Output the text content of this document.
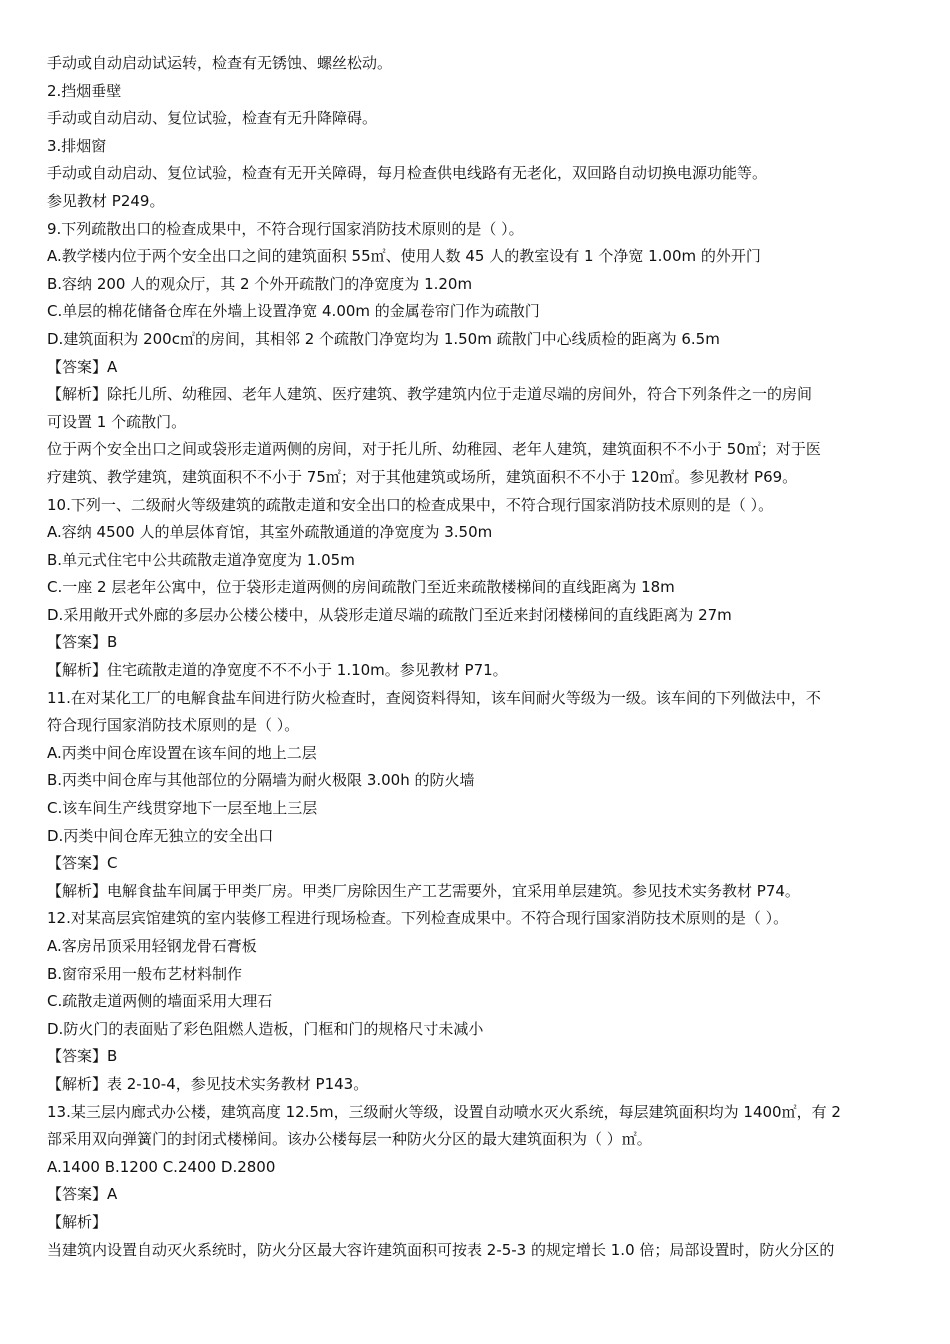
手动或自动启动试运转，检查有无锈蚀、螺丝松动。

2.挡烟垂壁

手动或自动启动、复位试验，检查有无升降障碍。

3.排烟窗

手动或自动启动、复位试验，检查有无开关障碍，每月检查供电线路有无老化，双回路自动切换电源功能等。

参见教材 P249。

9.下列疏散出口的检查成果中，不符合现行国家消防技术原则的是（ ）。

A.教学楼内位于两个安全出口之间的建筑面积 55㎡、使用人数 45 人的教室设有 1 个净宽 1.00m 的外开门

B.容纳 200 人的观众厅，其 2 个外开疏散门的净宽度为 1.20m

C.单层的棉花储备仓库在外墙上设置净宽 4.00m 的金属卷帘门作为疏散门

D.建筑面积为 200c㎡的房间，其相邻 2 个疏散门净宽均为 1.50m 疏散门中心线质检的距离为 6.5m

【答案】A

【解析】除托儿所、幼稚园、老年人建筑、医疗建筑、教学建筑内位于走道尽端的房间外，符合下列条件之一的房间

可设置 1 个疏散门。

位于两个安全出口之间或袋形走道两侧的房间，对于托儿所、幼稚园、老年人建筑，建筑面积不不小于 50㎡；对于医

疗建筑、教学建筑，建筑面积不不小于 75㎡；对于其他建筑或场所，建筑面积不不小于 120㎡。参见教材 P69。

10.下列一、二级耐火等级建筑的疏散走道和安全出口的检查成果中，不符合现行国家消防技术原则的是（ ）。

A.容纳 4500 人的单层体育馆，其室外疏散通道的净宽度为 3.50m

B.单元式住宅中公共疏散走道净宽度为 1.05m

C.一座 2 层老年公寓中，位于袋形走道两侧的房间疏散门至近来疏散楼梯间的直线距离为 18m

D.采用敞开式外廊的多层办公楼公楼中，从袋形走道尽端的疏散门至近来封闭楼梯间的直线距离为 27m

【答案】B

【解析】住宅疏散走道的净宽度不不不小于 1.10m。参见教材 P71。

11.在对某化工厂的电解食盐车间进行防火检查时，查阅资料得知，该车间耐火等级为一级。该车间的下列做法中，不

符合现行国家消防技术原则的是（ ）。

A.丙类中间仓库设置在该车间的地上二层

B.丙类中间仓库与其他部位的分隔墙为耐火极限 3.00h 的防火墙

C.该车间生产线贯穿地下一层至地上三层

D.丙类中间仓库无独立的安全出口

【答案】C

【解析】电解食盐车间属于甲类厂房。甲类厂房除因生产工艺需要外，宜采用单层建筑。参见技术实务教材 P74。

12.对某高层宾馆建筑的室内装修工程进行现场检查。下列检查成果中。不符合现行国家消防技术原则的是（ ）。

A.客房吊顶采用轻钢龙骨石膏板

B.窗帘采用一般布艺材料制作

C.疏散走道两侧的墙面采用大理石

D.防火门的表面贴了彩色阻燃人造板，门框和门的规格尺寸未减小

【答案】B

【解析】表 2-10-4，参见技术实务教材 P143。

13.某三层内廊式办公楼，建筑高度 12.5m，三级耐火等级，设置自动喷水灭火系统，每层建筑面积均为 1400㎡，有 2

部采用双向弹簧门的封闭式楼梯间。该办公楼每层一种防火分区的最大建筑面积为（ ）㎡。

A.1400 B.1200 C.2400 D.2800

【答案】A

【解析】

当建筑内设置自动灭火系统时，防火分区最大容许建筑面积可按表 2-5-3 的规定增长 1.0 倍；局部设置时，防火分区的
